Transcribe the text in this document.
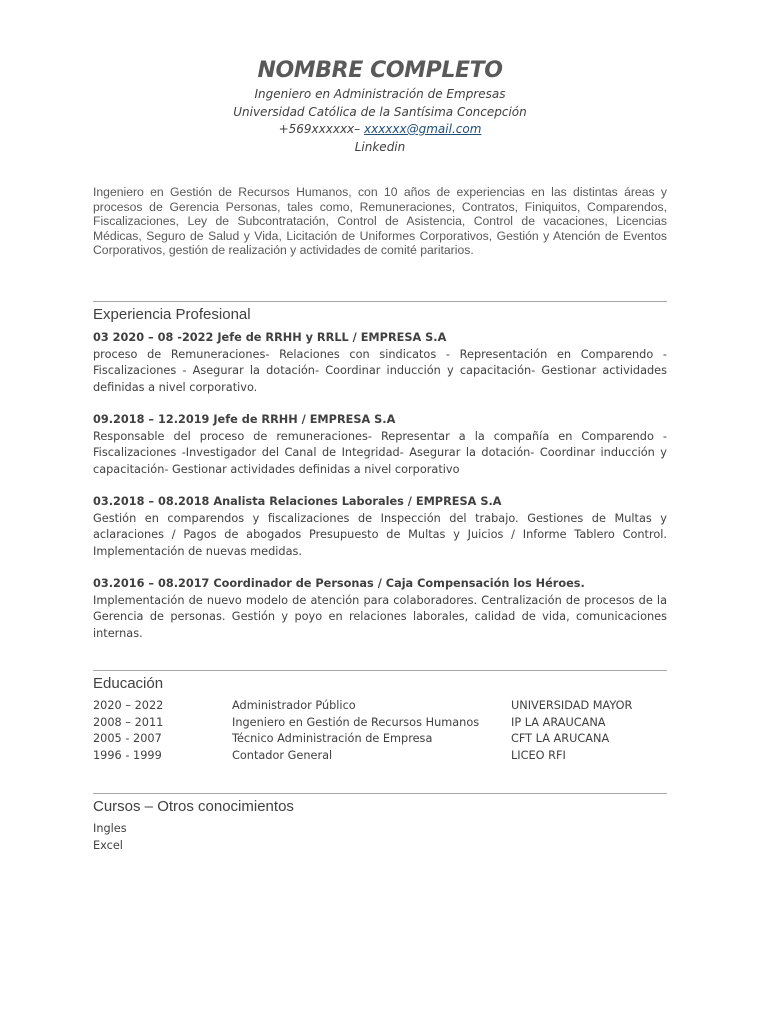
NOMBRE COMPLETO
Ingeniero en Administración de Empresas
Universidad Católica de la Santísima Concepción
+569xxxxxx– xxxxxx@gmail.com
Linkedin

Ingeniero en Gestión de Recursos Humanos, con 10 años de experiencias en las distintas áreas y procesos de Gerencia Personas, tales como, Remuneraciones, Contratos, Finiquitos, Comparendos, Fiscalizaciones, Ley de Subcontratación, Control de Asistencia, Control de vacaciones, Licencias Médicas, Seguro de Salud y Vida, Licitación de Uniformes Corporativos, Gestión y Atención de Eventos Corporativos, gestión de realización y actividades de comité paritarios.

Experiencia Profesional
03 2020 – 08 -2022 Jefe de RRHH y RRLL / EMPRESA S.A
proceso de Remuneraciones- Relaciones con sindicatos - Representación en Comparendo - Fiscalizaciones - Asegurar la dotación- Coordinar inducción y capacitación- Gestionar actividades definidas a nivel corporativo.
09.2018 – 12.2019 Jefe de RRHH / EMPRESA S.A
Responsable del proceso de remuneraciones- Representar a la compañía en Comparendo - Fiscalizaciones -Investigador del Canal de Integridad- Asegurar la dotación- Coordinar inducción y capacitación- Gestionar actividades definidas a nivel corporativo
03.2018 – 08.2018 Analista Relaciones Laborales / EMPRESA S.A
Gestión en comparendos y fiscalizaciones de Inspección del trabajo. Gestiones de Multas y aclaraciones / Pagos de abogados Presupuesto de Multas y Juicios / Informe Tablero Control. Implementación de nuevas medidas.
03.2016 – 08.2017 Coordinador de Personas / Caja Compensación los Héroes.
Implementación de nuevo modelo de atención para colaboradores. Centralización de procesos de la Gerencia de personas. Gestión y poyo en relaciones laborales, calidad de vida, comunicaciones internas.
Educación
2020 – 2022	Administrador Público	UNIVERSIDAD MAYOR
2008 – 2011	Ingeniero en Gestión de Recursos Humanos	IP LA ARAUCANA
2005 - 2007	Técnico Administración de Empresa	CFT LA ARUCANA
1996 - 1999	Contador General	LICEO RFI
Cursos – Otros conocimientos
Ingles
Excel
